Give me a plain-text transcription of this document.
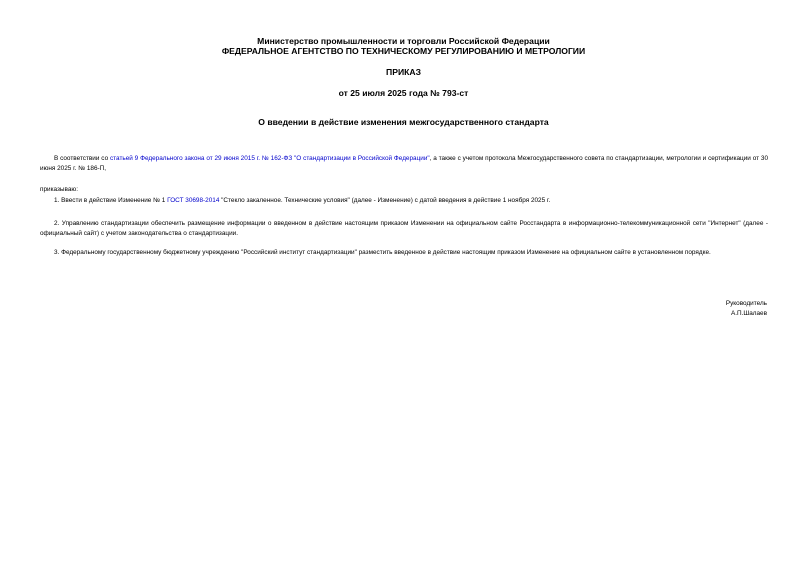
Министерство промышленности и торговли Российской Федерации
ФЕДЕРАЛЬНОЕ АГЕНТСТВО ПО ТЕХНИЧЕСКОМУ РЕГУЛИРОВАНИЮ И МЕТРОЛОГИИ
ПРИКАЗ
от 25 июля 2025 года № 793-ст
О введении в действие изменения межгосударственного стандарта
В соответствии со статьей 9 Федерального закона от 29 июня 2015 г. № 162-ФЗ "О стандартизации в Российской Федерации", а также с учетом протокола Межгосударственного совета по стандартизации, метрологии и сертификации от 30 июня 2025 г. № 186-П,
приказываю:
1. Ввести в действие Изменение № 1 ГОСТ 30698-2014 "Стекло закаленное. Технические условия" (далее - Изменение) с датой введения в действие 1 ноября 2025 г.
2. Управлению стандартизации обеспечить размещение информации о введенном в действие настоящим приказом Изменении на официальном сайте Росстандарта в информационно-телекоммуникационной сети "Интернет" (далее - официальный сайт) с учетом законодательства о стандартизации.
3. Федеральному государственному бюджетному учреждению "Российский институт стандартизации" разместить введенное в действие настоящим приказом Изменение на официальном сайте в установленном порядке.
Руководитель
А.П.Шалаев
